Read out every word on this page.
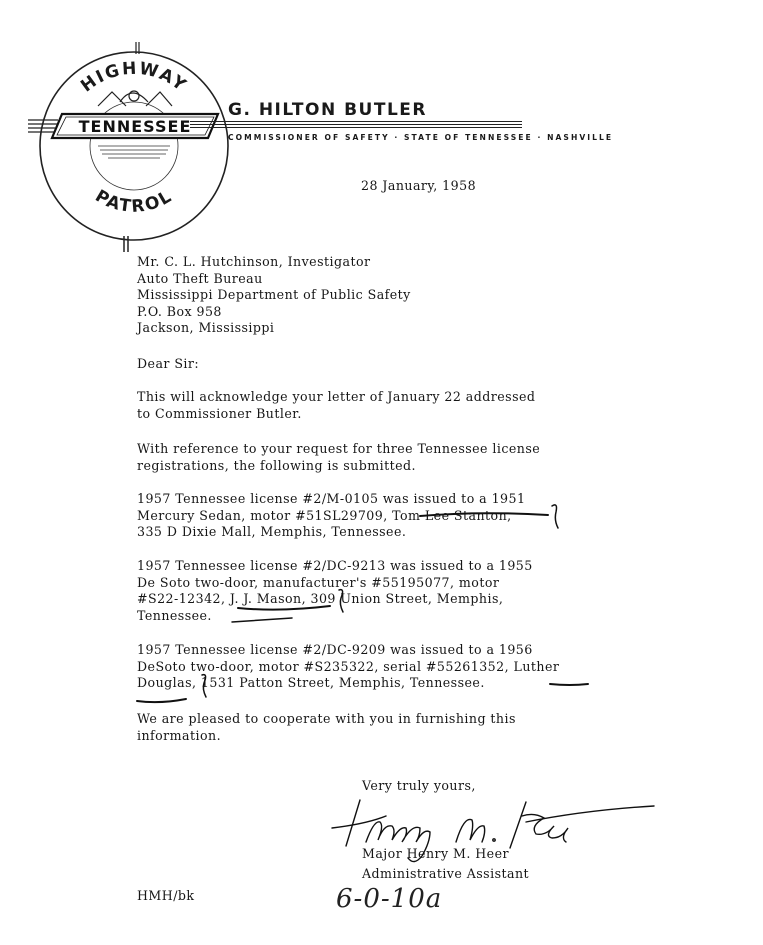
HIGHWAY
PATROL
TENNESSEE
G. HILTON BUTLER
COMMISSIONER OF SAFETY · STATE OF TENNESSEE · NASHVILLE
28 January, 1958
Mr. C. L. Hutchinson, Investigator
Auto Theft Bureau
Mississippi Department of Public Safety
P.O. Box 958
Jackson, Mississippi
Dear Sir:
This will acknowledge your letter of January 22 addressed
to Commissioner Butler.
With reference to your request for three Tennessee license
registrations, the following is submitted.
1957 Tennessee license #2/M-0105 was issued to a 1951
Mercury Sedan, motor #51SL29709, Tom Lee Stanton,
335 D Dixie Mall, Memphis, Tennessee.
1957 Tennessee license #2/DC-9213 was issued to a 1955
De Soto two-door, manufacturer's #55195077, motor
#S22-12342, J. J. Mason, 309 Union Street, Memphis,
Tennessee.
1957 Tennessee license #2/DC-9209 was issued to a 1956
DeSoto two-door, motor #S235322, serial #55261352, Luther
Douglas, 1531 Patton Street, Memphis, Tennessee.
We are pleased to cooperate with you in furnishing this
information.
Very truly yours,
Major Henry M. Heer
Administrative Assistant
HMH/bk	6-0-10a
